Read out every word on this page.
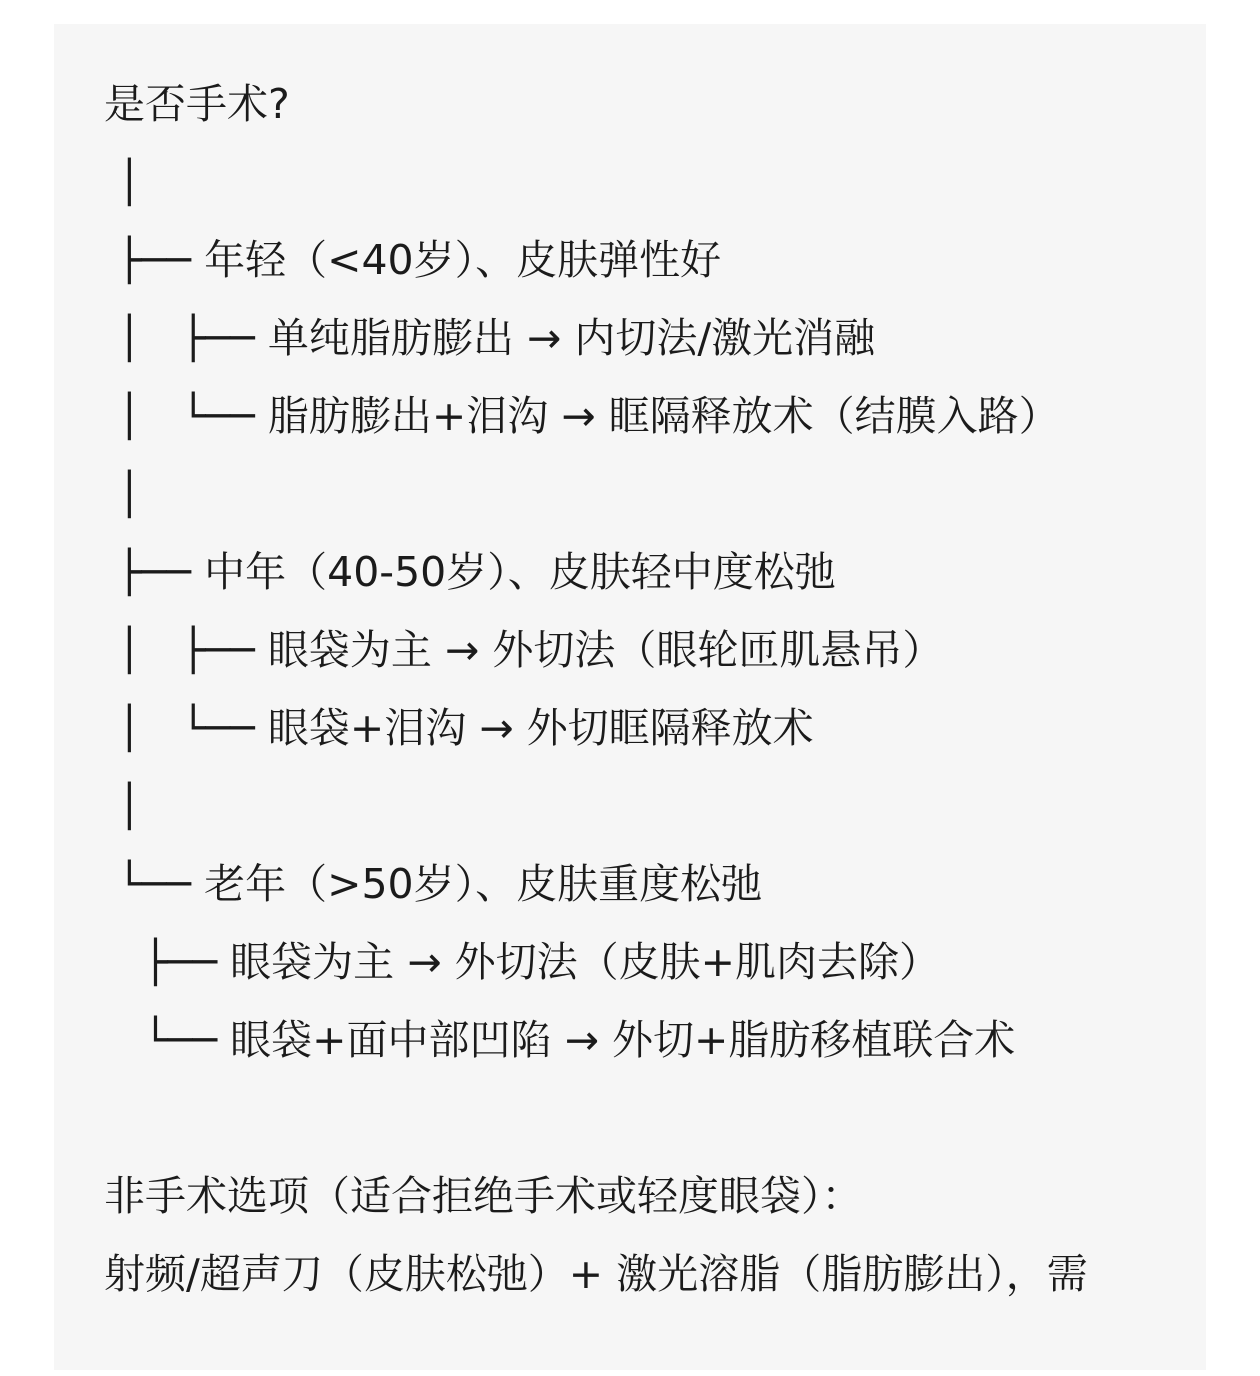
是否手术?
│
├── 年轻（<40岁）、皮肤弹性好
│   ├── 单纯脂肪膨出 → 内切法/激光消融
│   └── 脂肪膨出+泪沟 → 眶隔释放术（结膜入路）
│
├── 中年（40-50岁）、皮肤轻中度松弛
│   ├── 眼袋为主 → 外切法（眼轮匝肌悬吊）
│   └── 眼袋+泪沟 → 外切眶隔释放术
│
└── 老年（>50岁）、皮肤重度松弛
├── 眼袋为主 → 外切法（皮肤+肌肉去除）
└── 眼袋+面中部凹陷 → 外切+脂肪移植联合术
非手术选项（适合拒绝手术或轻度眼袋）：
射频/超声刀（皮肤松弛）+ 激光溶脂（脂肪膨出），需
